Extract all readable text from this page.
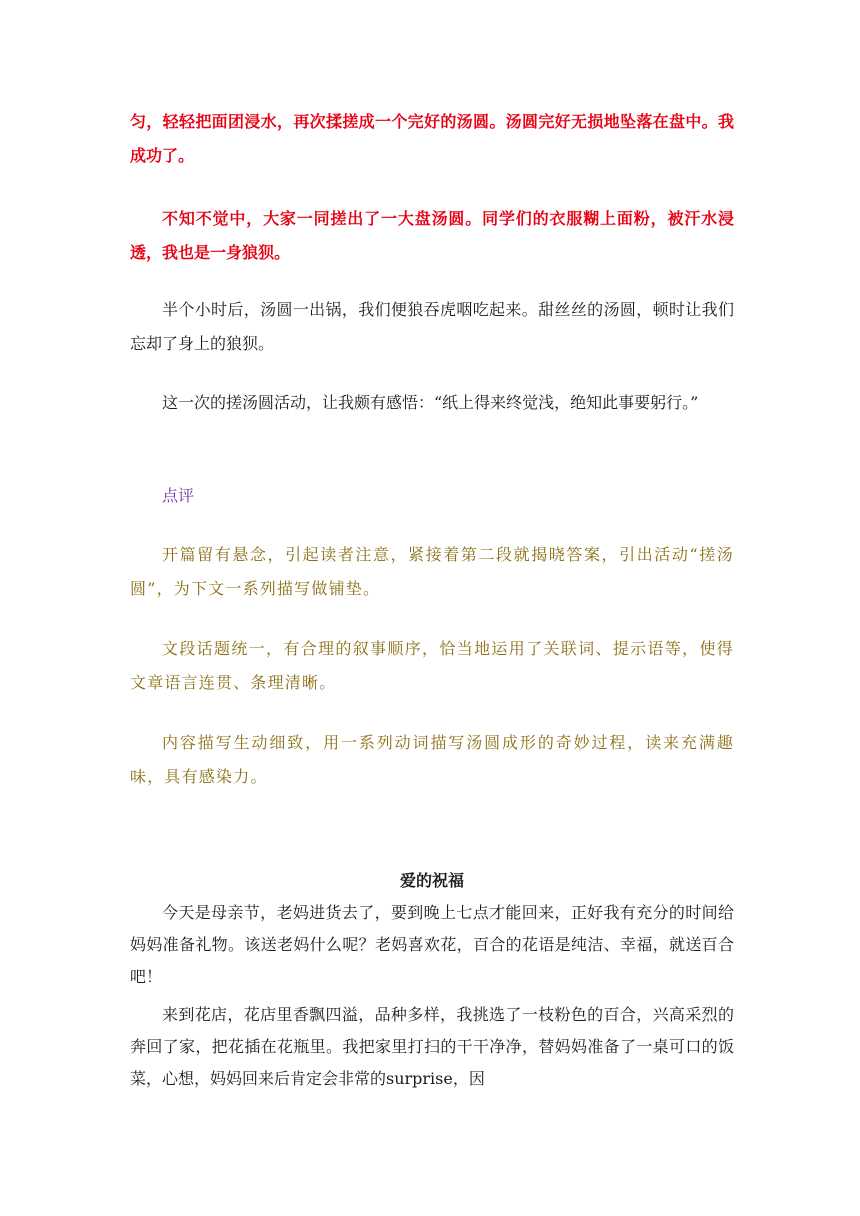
匀，轻轻把面团浸水，再次揉搓成一个完好的汤圆。汤圆完好无损地坠落在盘中。我成功了。

不知不觉中，大家一同搓出了一大盘汤圆。同学们的衣服糊上面粉，被汗水浸透，我也是一身狼狈。

半个小时后，汤圆一出锅，我们便狼吞虎咽吃起来。甜丝丝的汤圆，顿时让我们忘却了身上的狼狈。

这一次的搓汤圆活动，让我颇有感悟：“纸上得来终觉浅，绝知此事要躬行。”

点评

开篇留有悬念，引起读者注意，紧接着第二段就揭晓答案，引出活动“搓汤圆”，为下文一系列描写做铺垫。

文段话题统一，有合理的叙事顺序，恰当地运用了关联词、提示语等，使得文章语言连贯、条理清晰。

内容描写生动细致，用一系列动词描写汤圆成形的奇妙过程，读来充满趣味，具有感染力。

爱的祝福

今天是母亲节，老妈进货去了，要到晚上七点才能回来，正好我有充分的时间给妈妈准备礼物。该送老妈什么呢？老妈喜欢花，百合的花语是纯洁、幸福，就送百合吧！

来到花店，花店里香飘四溢，品种多样，我挑选了一枝粉色的百合，兴高采烈的奔回了家，把花插在花瓶里。我把家里打扫的干干净净，替妈妈准备了一桌可口的饭菜，心想，妈妈回来后肯定会非常的surprise，因
